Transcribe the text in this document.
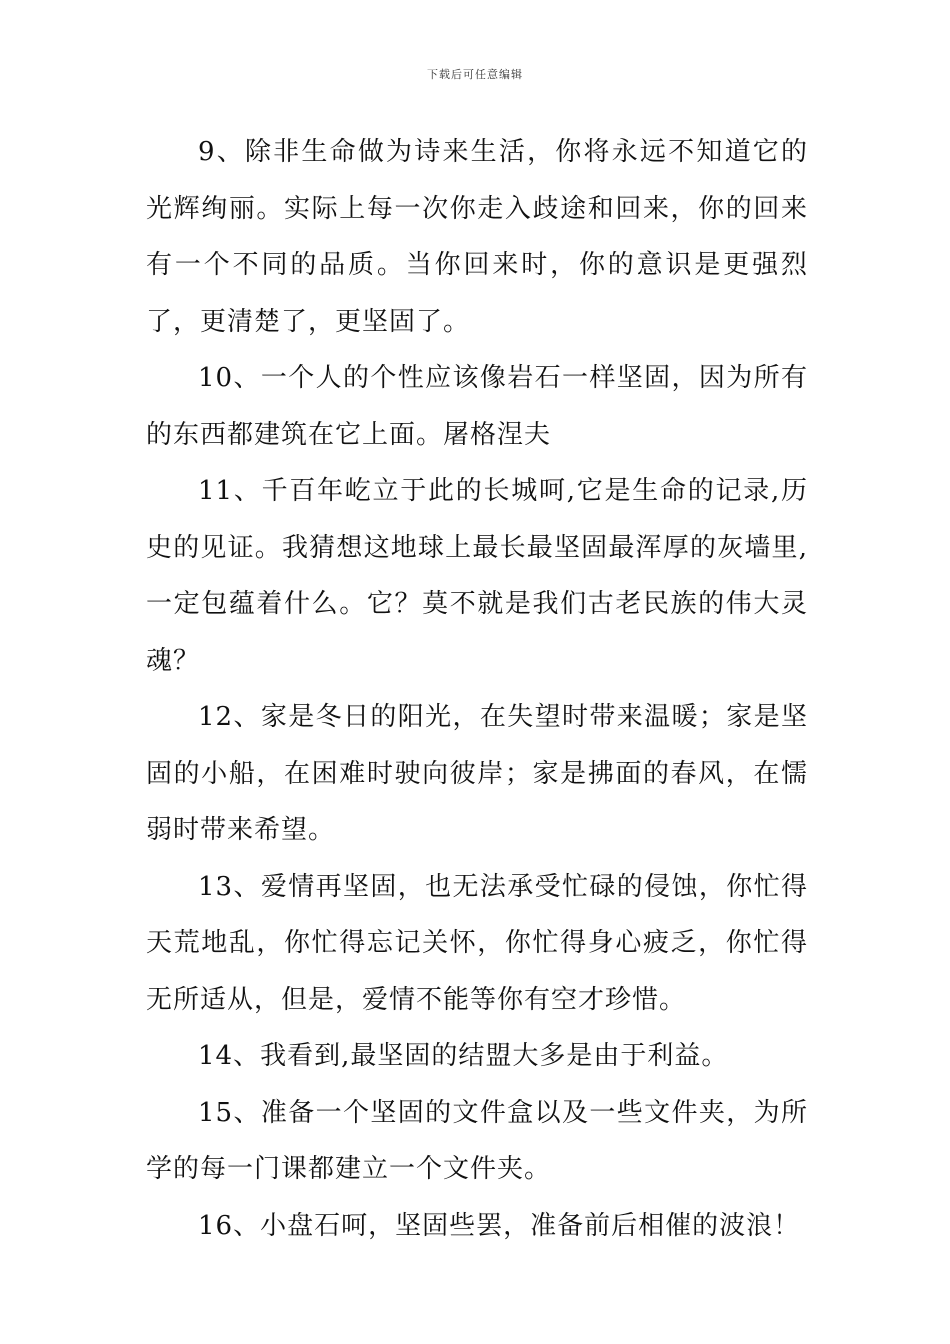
下载后可任意编辑

9、除非生命做为诗来生活，你将永远不知道它的光辉绚丽。实际上每一次你走入歧途和回来，你的回来有一个不同的品质。当你回来时，你的意识是更强烈了，更清楚了，更坚固了。

10、一个人的个性应该像岩石一样坚固，因为所有的东西都建筑在它上面。屠格涅夫

11、千百年屹立于此的长城呵,它是生命的记录,历史的见证。我猜想这地球上最长最坚固最浑厚的灰墙里,一定包蕴着什么。它？莫不就是我们古老民族的伟大灵魂？

12、家是冬日的阳光，在失望时带来温暖；家是坚固的小船，在困难时驶向彼岸；家是拂面的春风，在懦弱时带来希望。

13、爱情再坚固，也无法承受忙碌的侵蚀，你忙得天荒地乱，你忙得忘记关怀，你忙得身心疲乏，你忙得无所适从，但是，爱情不能等你有空才珍惜。

14、我看到,最坚固的结盟大多是由于利益。

15、准备一个坚固的文件盒以及一些文件夹，为所学的每一门课都建立一个文件夹。

16、小盘石呵，坚固些罢，准备前后相催的波浪！
